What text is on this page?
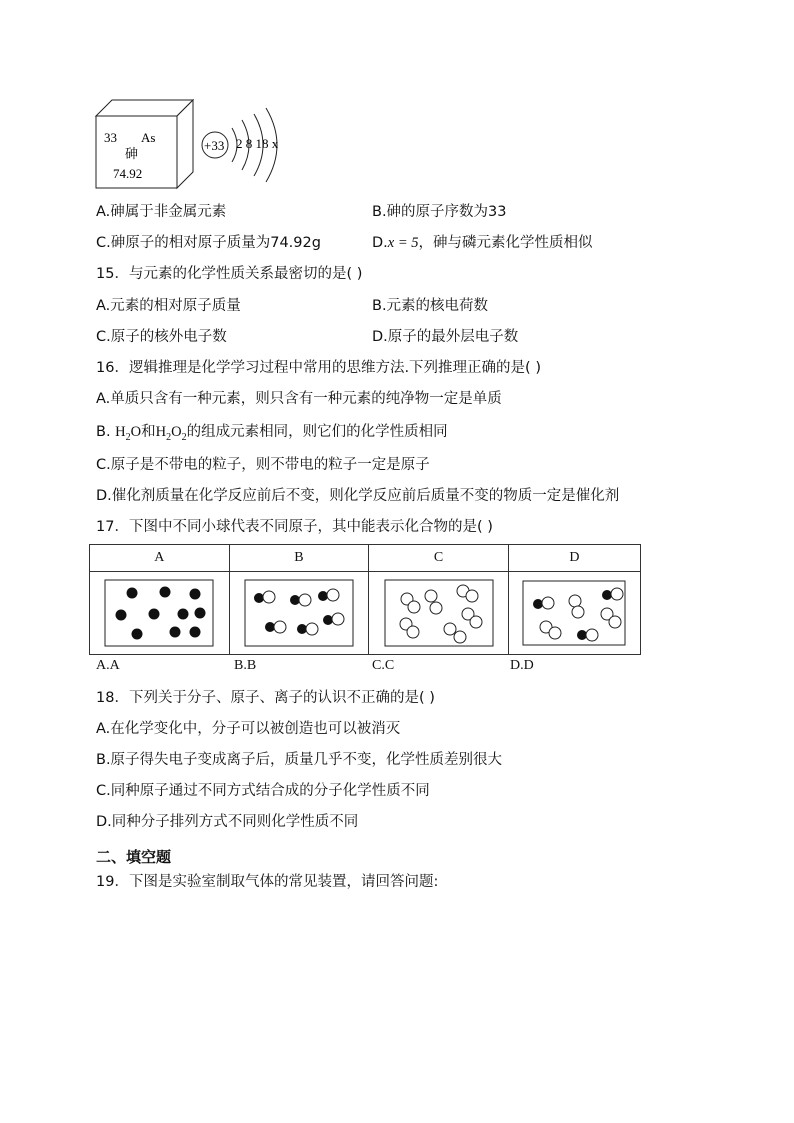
33 As
砷
74.92
+33 2 8 18 x
A.砷属于非金属元素	B.砷的原子序数为33
C.砷原子的相对原子质量为74.92g	D.x = 5，砷与磷元素化学性质相似
15．与元素的化学性质关系最密切的是( )
A.元素的相对原子质量	B.元素的核电荷数
C.原子的核外电子数	D.原子的最外层电子数
16．逻辑推理是化学学习过程中常用的思维方法.下列推理正确的是( )
A.单质只含有一种元素，则只含有一种元素的纯净物一定是单质
B. $H_2O$和$H_2O_2$的组成元素相同，则它们的化学性质相同
C.原子是不带电的粒子，则不带电的粒子一定是原子
D.催化剂质量在化学反应前后不变，则化学反应前后质量不变的物质一定是催化剂
17．下图中不同小球代表不同原子，其中能表示化合物的是( )
A	B	C	D

A.A	B.B	C.C	D.D
18．下列关于分子、原子、离子的认识不正确的是( )
A.在化学变化中，分子可以被创造也可以被消灭
B.原子得失电子变成离子后，质量几乎不变，化学性质差别很大
C.同种原子通过不同方式结合成的分子化学性质不同
D.同种分子排列方式不同则化学性质不同
二、填空题
19．下图是实验室制取气体的常见装置，请回答问题:
